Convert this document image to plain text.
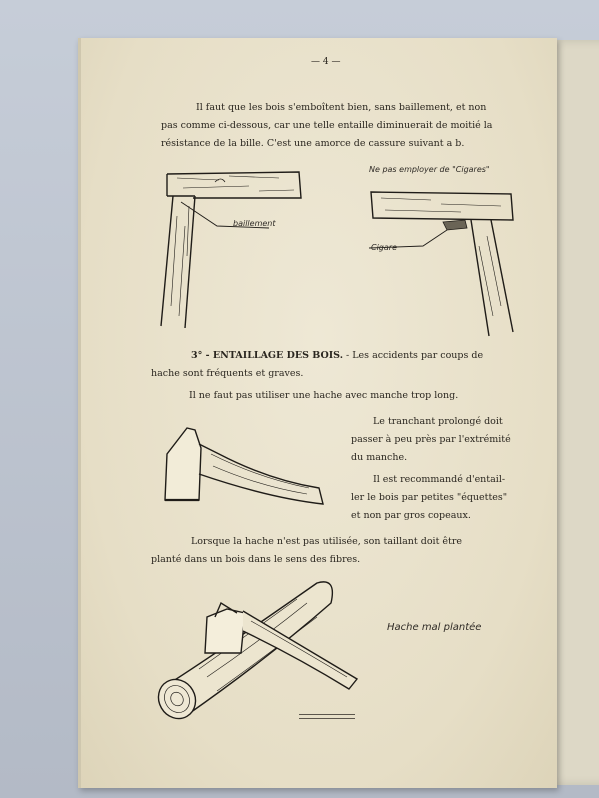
— 4 —
Il faut que les bois s'emboîtent bien, sans baillement, et non
pas comme ci-dessous, car une telle entaille diminuerait de moitié la
résistance de la bille. C'est une amorce de cassure suivant a b.
baillement
Ne pas employer de "Cigares"
Cigare
3° - ENTAILLAGE DES BOIS. - Les accidents par coups de
hache sont fréquents et graves.
Il ne faut pas utiliser une hache avec manche trop long.
Le tranchant prolongé doit
passer à peu près par l'extrémité
du manche.
Il est recommandé d'entail-
ler le bois par petites "équettes"
et non par gros copeaux.
Lorsque la hache n'est pas utilisée, son taillant doit être
planté dans un bois dans le sens des fibres.
Hache mal plantée
